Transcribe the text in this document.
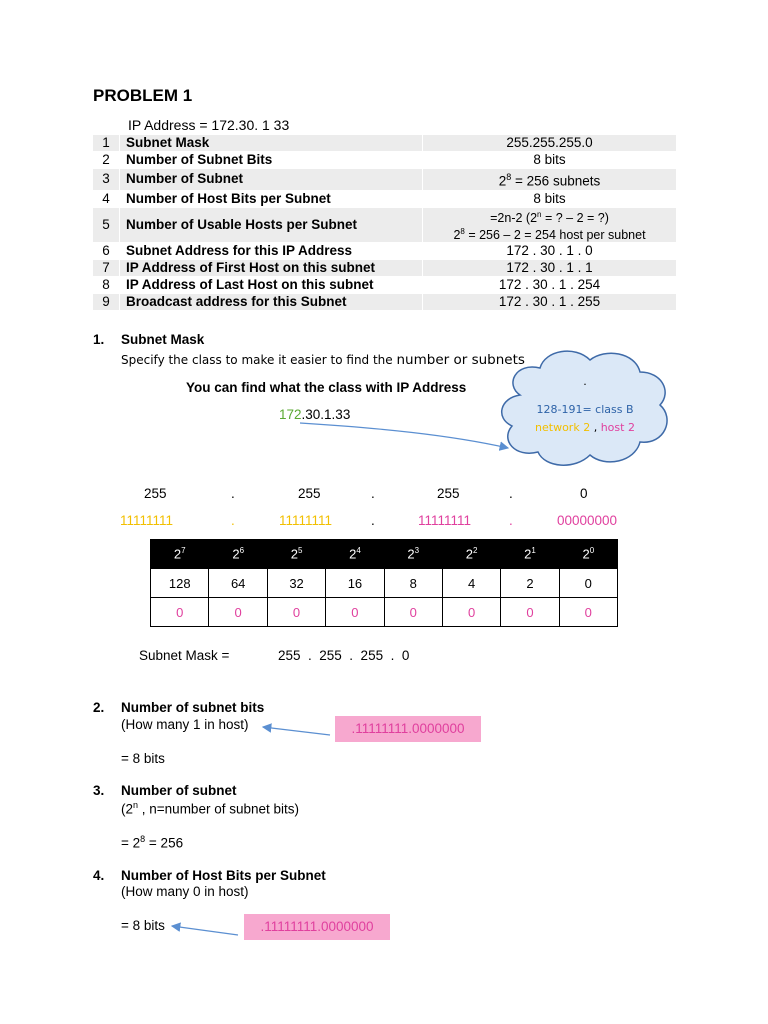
PROBLEM 1
IP Address = 172.30. 1 33
1	Subnet Mask	255.255.255.0
2	Number of Subnet Bits	8 bits
3	Number of Subnet	$2^8 = 256$ subnets
4	Number of Host Bits per Subnet	8 bits
5	Number of Usable Hosts per Subnet	=2n-2 ($2^n$ = ? – 2 = ?)
$2^8 = 256 - 2 = 254$ host per subnet

6	Subnet Address for this IP Address	172 . 30 . 1 . 0
7	IP Address of First Host on this subnet	172 . 30 . 1 . 1
8	IP Address of Last Host on this subnet	172 . 30 . 1 . 254
9	Broadcast address for this Subnet	172 . 30 . 1 . 255
1. Subnet Mask
Specify the class to make it easier to find the number or subnets
You can find what the class with IP Address
172.30.1.33
.
128-191= class B
network 2 , host 2
255	.	255	.	255	.	0
11111111	.	11111111	.	11111111	.	00000000
$2^7$	$2^6$	$2^5$	$2^4$	$2^3$	$2^2$	$2^1$	$2^0$
128	64	32	16	8	4	2	0
0	0	0	0	0	0	0	0
Subnet Mask =	255  .  255  .  255  .  0
2. Number of subnet bits
(How many 1 in host)
= 8 bits
.11111111.0000000
3. Number of subnet
(2$^n$ , n=number of subnet bits)
= $2^8 = 256$
4. Number of Host Bits per Subnet
(How many 0 in host)
= 8 bits	.11111111.0000000
